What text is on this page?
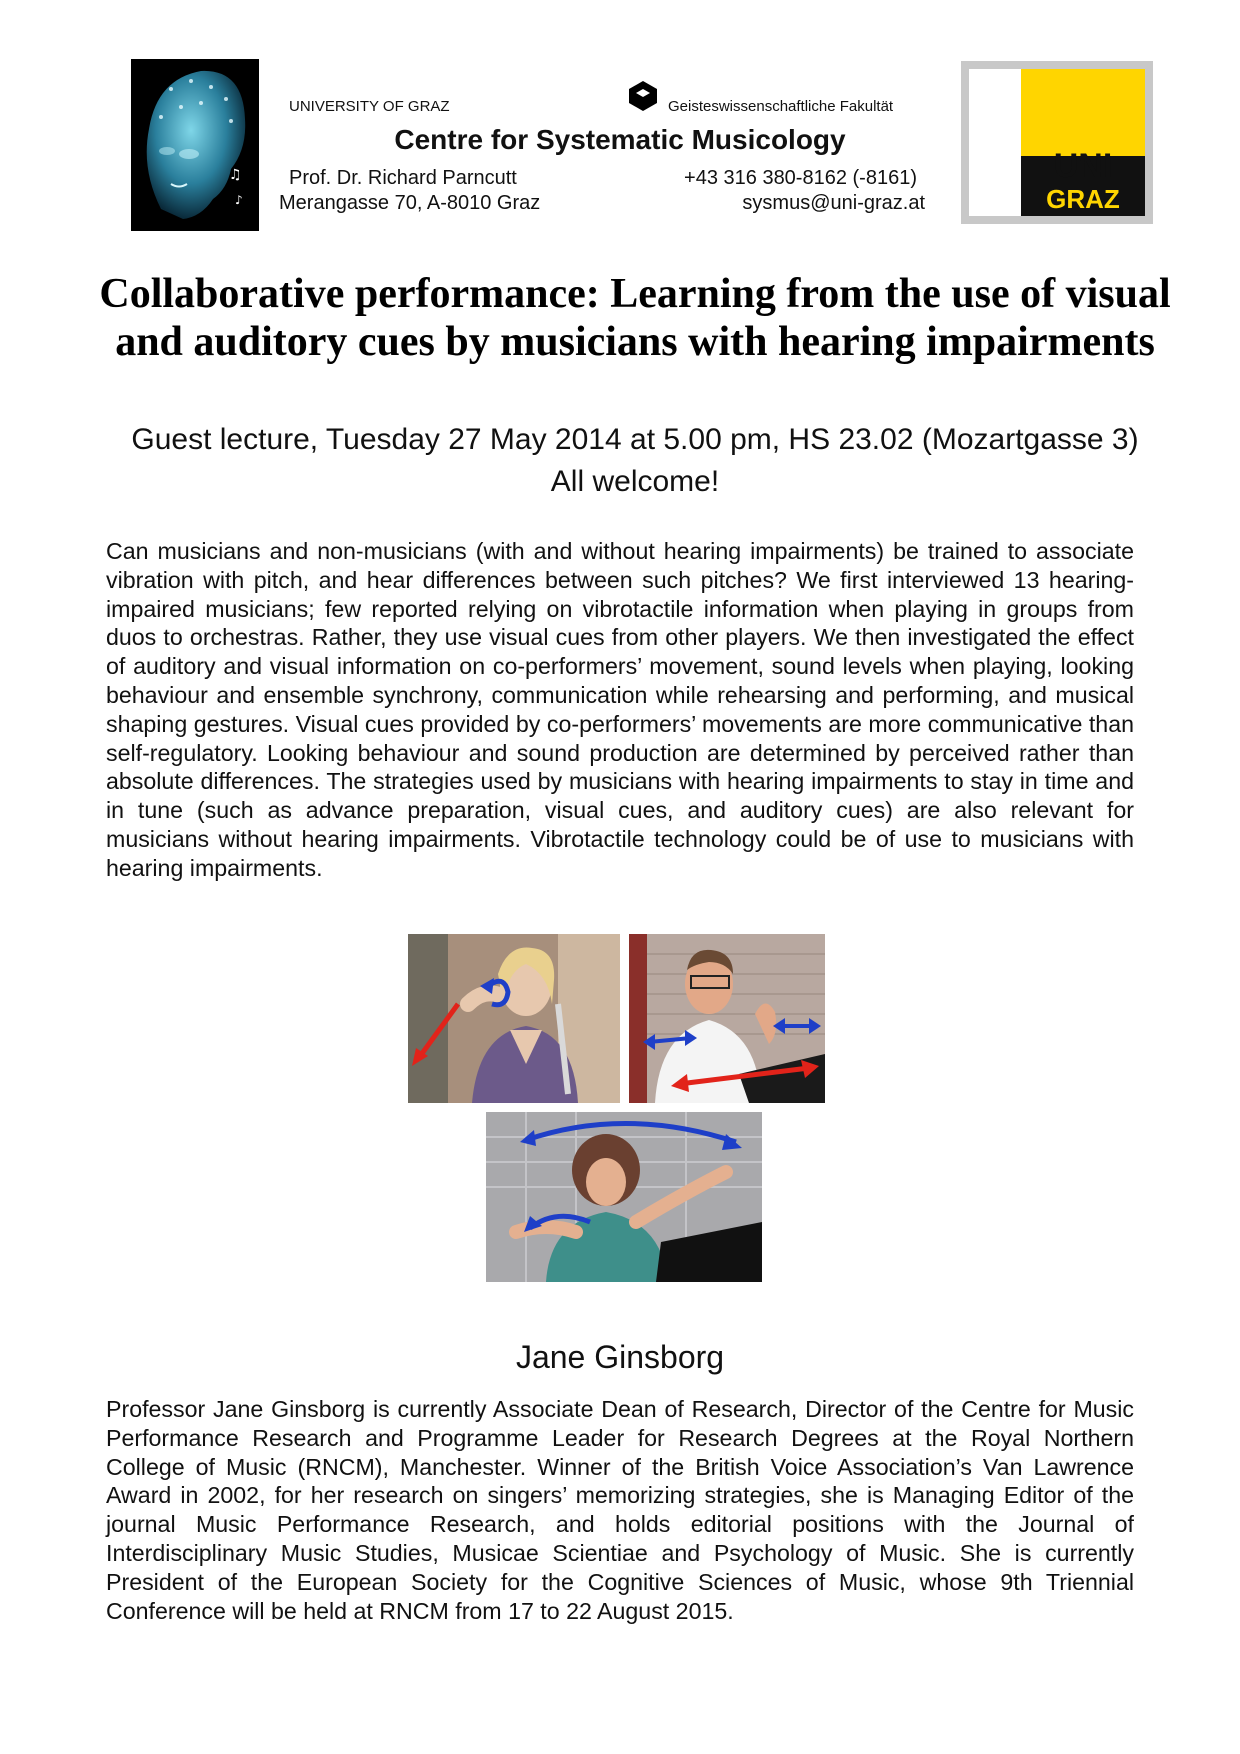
♫
♪
UNIVERSITY OF GRAZ	Geisteswissenschaftliche Fakultät
Centre for Systematic Musicology
Prof. Dr. Richard Parncutt
Merangasse 70, A-8010 Graz
+43 316 380-8162 (-8161)
sysmus@uni-graz.at
UNI
GRAZ
Collaborative performance: Learning from the use of visual and auditory cues by musicians with hearing impairments
Guest lecture, Tuesday 27 May 2014 at 5.00 pm, HS 23.02 (Mozartgasse 3)
All welcome!
Can musicians and non-musicians (with and without hearing impairments) be trained to associate vibration with pitch, and hear differences between such pitches? We first interviewed 13 hearing-impaired musicians; few reported relying on vibrotactile information when playing in groups from duos to orchestras. Rather, they use visual cues from other players. We then investigated the effect of auditory and visual information on co-performers’ movement, sound levels when playing, looking behaviour and ensemble synchrony, communication while rehearsing and performing, and musical shaping gestures. Visual cues provided by co-performers’ movements are more communicative than self-regulatory. Looking behaviour and sound production are determined by perceived rather than absolute differences. The strategies used by musicians with hearing impairments to stay in time and in tune (such as advance preparation, visual cues, and auditory cues) are also relevant for musicians without hearing impairments. Vibrotactile technology could be of use to musicians with hearing impairments.
Jane Ginsborg
Professor Jane Ginsborg is currently Associate Dean of Research, Director of the Centre for Music Performance Research and Programme Leader for Research Degrees at the Royal Northern College of Music (RNCM), Manchester. Winner of the British Voice Association’s Van Lawrence Award in 2002, for her research on singers’ memorizing strategies, she is Managing Editor of the journal Music Performance Research, and holds editorial positions with the Journal of Interdisciplinary Music Studies, Musicae Scientiae and Psychology of Music. She is currently President of the European Society for the Cognitive Sciences of Music, whose 9th Triennial Conference will be held at RNCM from 17 to 22 August 2015.
